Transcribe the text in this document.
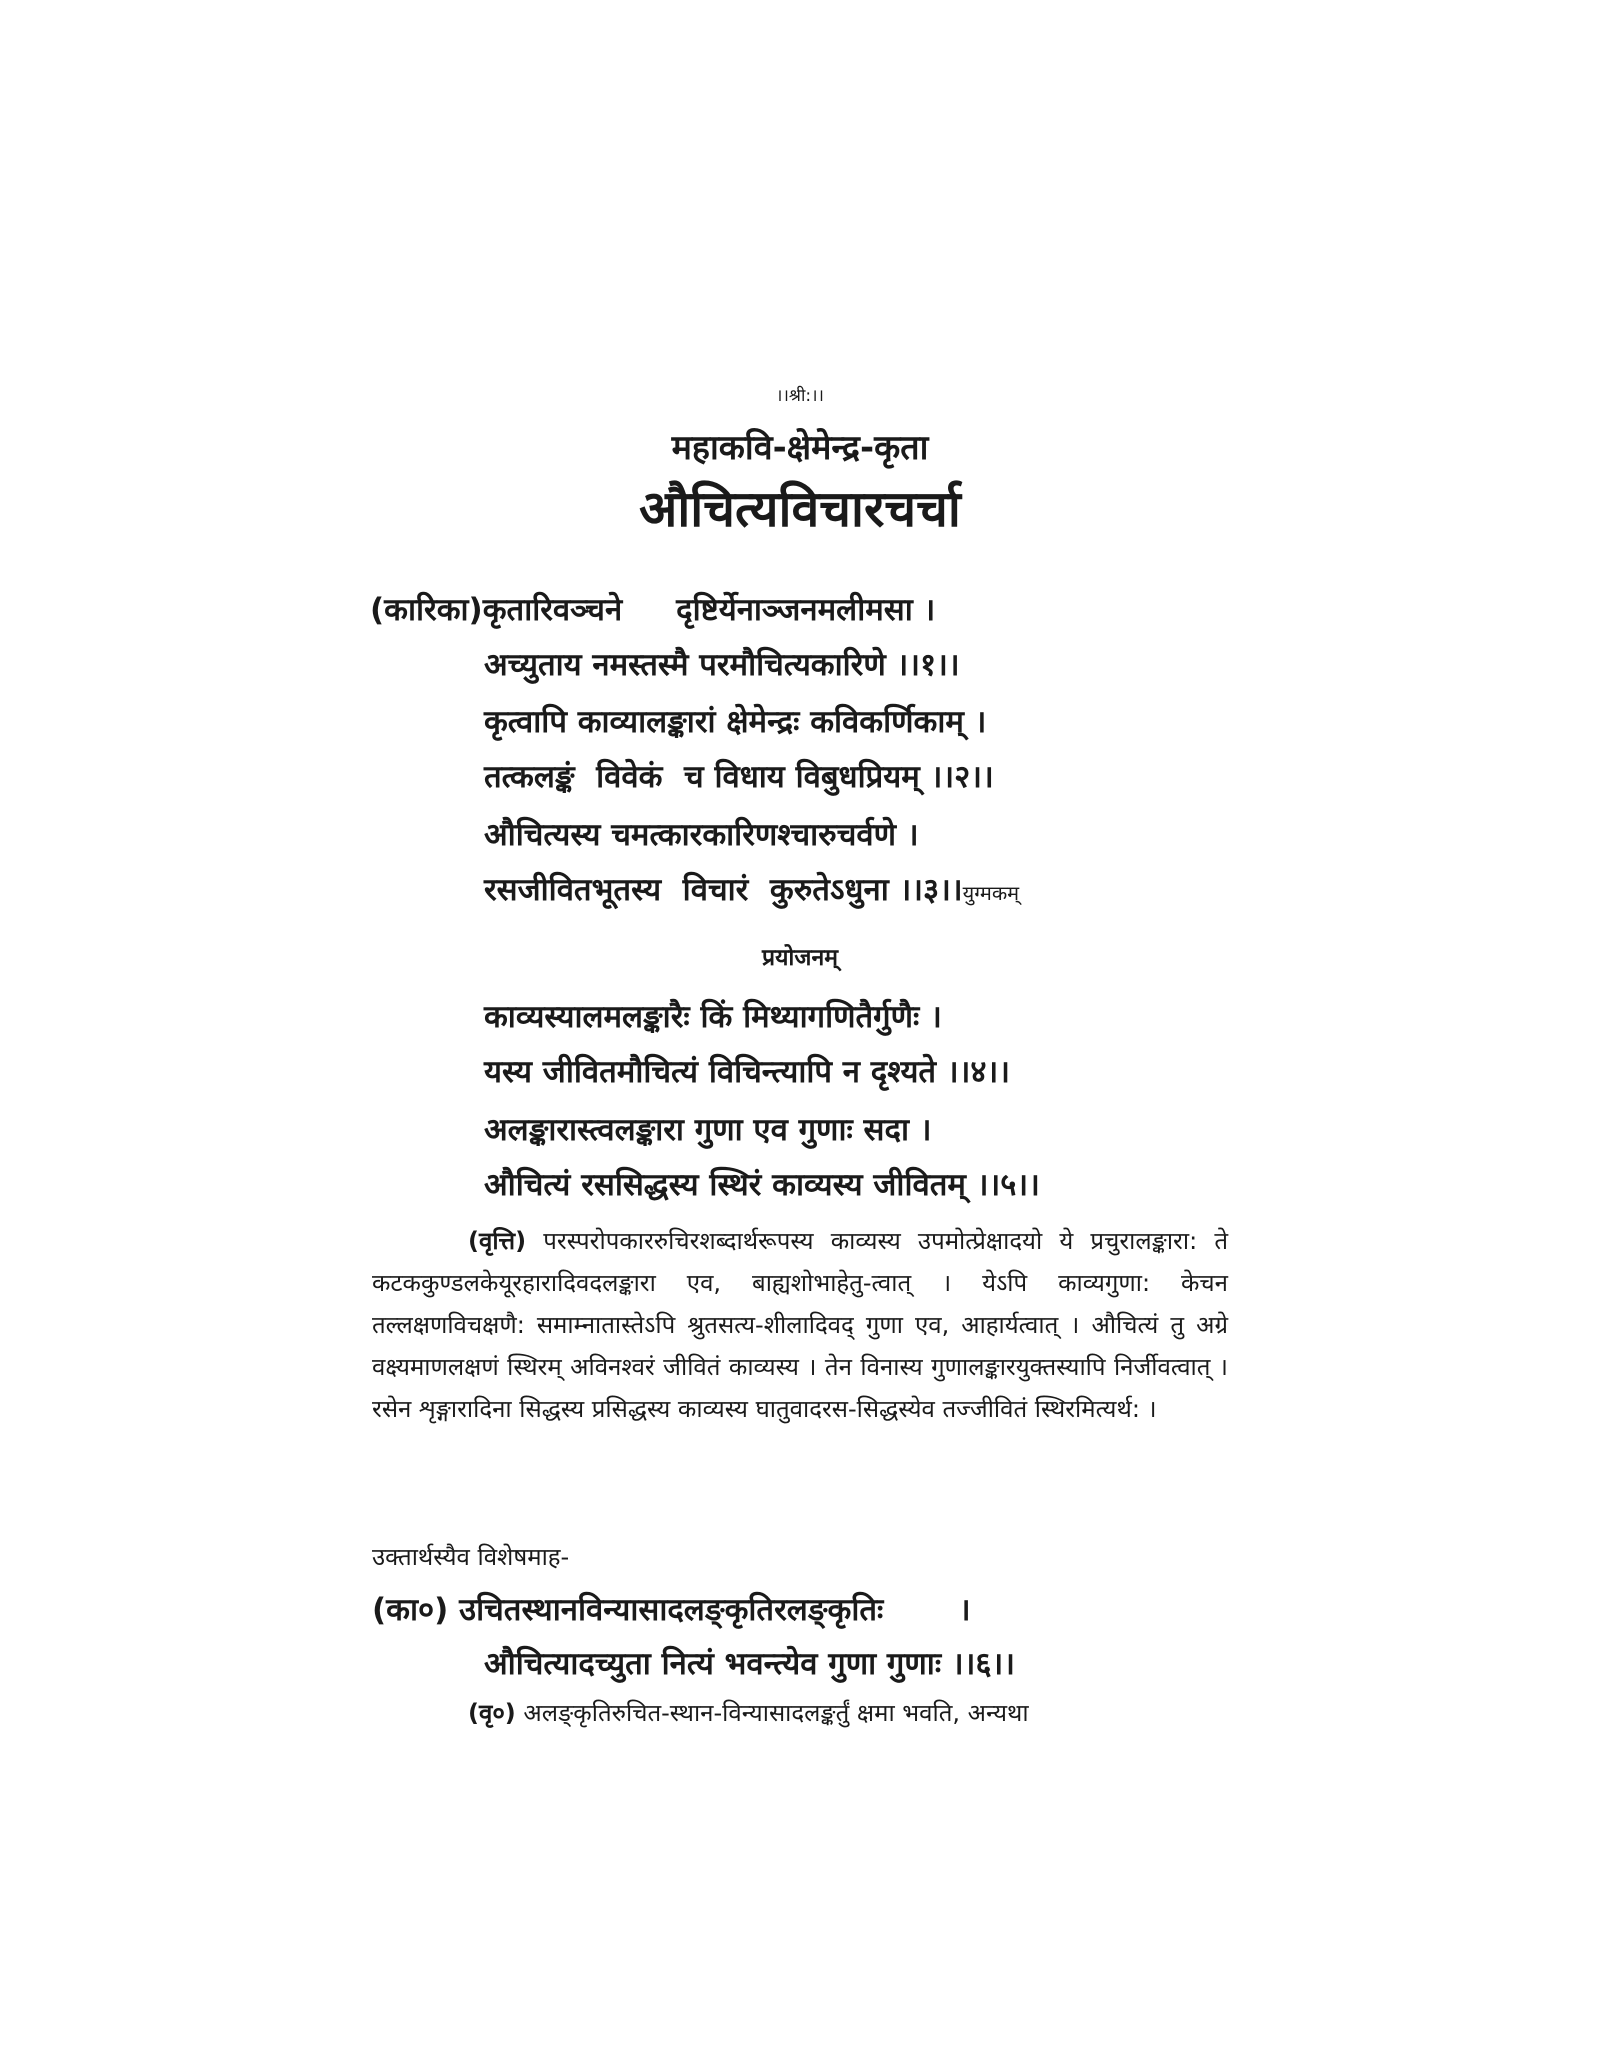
।।श्री:।।
महाकवि-क्षेमेन्द्र-कृता
औचित्यविचारचर्चा
(कारिका)कृतारिवञ्चने     दृष्टिर्येनाञ्जनमलीमसा ।
अच्युताय नमस्तस्मै परमौचित्यकारिणे ।।१।।
कृत्वापि काव्यालङ्कारां क्षेमेन्द्रः कविकर्णिकाम् ।
तत्कलङ्कं  विवेकं  च विधाय विबुधप्रियम् ।।२।।
औचित्यस्य चमत्कारकारिणश्चारुचर्वणे ।
रसजीवितभूतस्य  विचारं  कुरुतेऽधुना ।।३।।युग्मकम्
प्रयोजनम्
काव्यस्यालमलङ्कारैः किं मिथ्यागणितैर्गुणैः ।
यस्य जीवितमौचित्यं विचिन्त्यापि न दृश्यते ।।४।।
अलङ्कारास्त्वलङ्कारा गुणा एव गुणाः सदा ।
औचित्यं रससिद्धस्य स्थिरं काव्यस्य जीवितम् ।।५।।
(वृत्ति) परस्परोपकाररुचिरशब्दार्थरूपस्य काव्यस्य उपमोत्प्रेक्षादयो ये प्रचुरालङ्कारा: ते कटककुण्डलकेयूरहारादिवदलङ्कारा एव, बाह्यशोभाहेतु-त्वात् । येऽपि काव्यगुणा: केचन तल्लक्षणविचक्षणै: समाम्नातास्तेऽपि श्रुतसत्य-शीलादिवद् गुणा एव, आहार्यत्वात् । औचित्यं तु अग्रे वक्ष्यमाणलक्षणं स्थिरम् अविनश्वरं जीवितं काव्यस्य । तेन विनास्य गुणालङ्कारयुक्तस्यापि निर्जीवत्वात् । रसेन शृङ्गारादिना सिद्धस्य प्रसिद्धस्य काव्यस्य घातुवादरस-सिद्धस्येव तज्जीवितं स्थिरमित्यर्थ: ।
उक्तार्थस्यैव विशेषमाह-
(का०) उचितस्थानविन्यासादलङ्कृतिरलङ्कृतिः       ।
औचित्यादच्युता नित्यं भवन्त्येव गुणा गुणाः ।।६।।
(वृ०) अलङ्कृतिरुचित-स्थान-विन्यासादलङ्कर्तुं क्षमा भवति, अन्यथा
